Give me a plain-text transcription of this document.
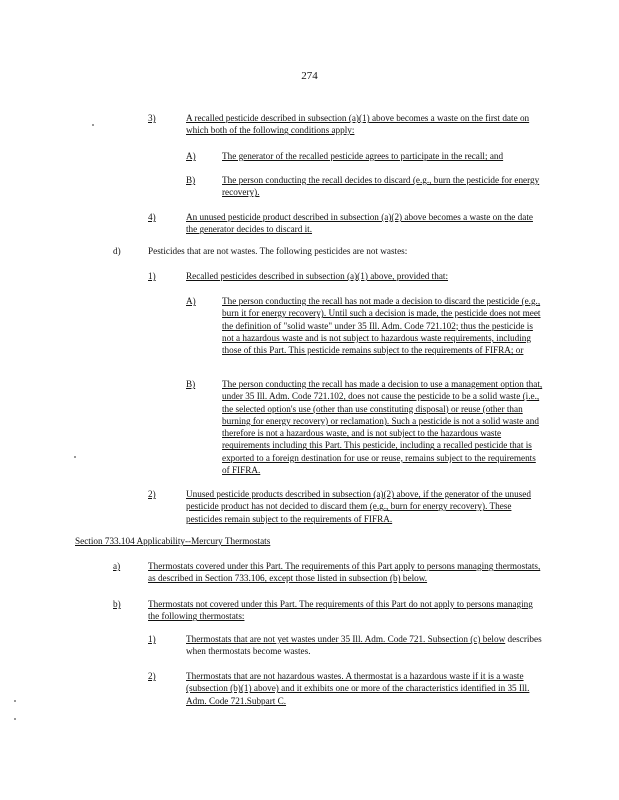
274
3)	A recalled pesticide described in subsection (a)(1) above becomes a waste on the first date on which both of the following conditions apply:
A)	The generator of the recalled pesticide agrees to participate in the recall; and
B)	The person conducting the recall decides to discard (e.g., burn the pesticide for energy recovery).
4)	An unused pesticide product described in subsection (a)(2) above becomes a waste on the date the generator decides to discard it.
d)	Pesticides that are not wastes. The following pesticides are not wastes:
1)	Recalled pesticides described in subsection (a)(1) above, provided that:
A)	The person conducting the recall has not made a decision to discard the pesticide (e.g., burn it for energy recovery). Until such a decision is made, the pesticide does not meet the definition of "solid waste" under 35 Ill. Adm. Code 721.102; thus the pesticide is not a hazardous waste and is not subject to hazardous waste requirements, including those of this Part. This pesticide remains subject to the requirements of FIFRA; or
B)	The person conducting the recall has made a decision to use a management option that, under 35 Ill. Adm. Code 721.102, does not cause the pesticide to be a solid waste (i.e., the selected option's use (other than use constituting disposal) or reuse (other than burning for energy recovery) or reclamation). Such a pesticide is not a solid waste and therefore is not a hazardous waste, and is not subject to the hazardous waste requirements including this Part. This pesticide, including a recalled pesticide that is exported to a foreign destination for use or reuse, remains subject to the requirements of FIFRA.
2)	Unused pesticide products described in subsection (a)(2) above, if the generator of the unused pesticide product has not decided to discard them (e.g., burn for energy recovery). These pesticides remain subject to the requirements of FIFRA.
Section 733.104 Applicability--Mercury Thermostats
a)	Thermostats covered under this Part. The requirements of this Part apply to persons managing thermostats, as described in Section 733.106, except those listed in subsection (b) below.
b)	Thermostats not covered under this Part. The requirements of this Part do not apply to persons managing the following thermostats:
1)	Thermostats that are not yet wastes under 35 Ill. Adm. Code 721. Subsection (c) below describes when thermostats become wastes.
2)	Thermostats that are not hazardous wastes. A thermostat is a hazardous waste if it is a waste (subsection (b)(1) above) and it exhibits one or more of the characteristics identified in 35 Ill. Adm. Code 721.Subpart C.
